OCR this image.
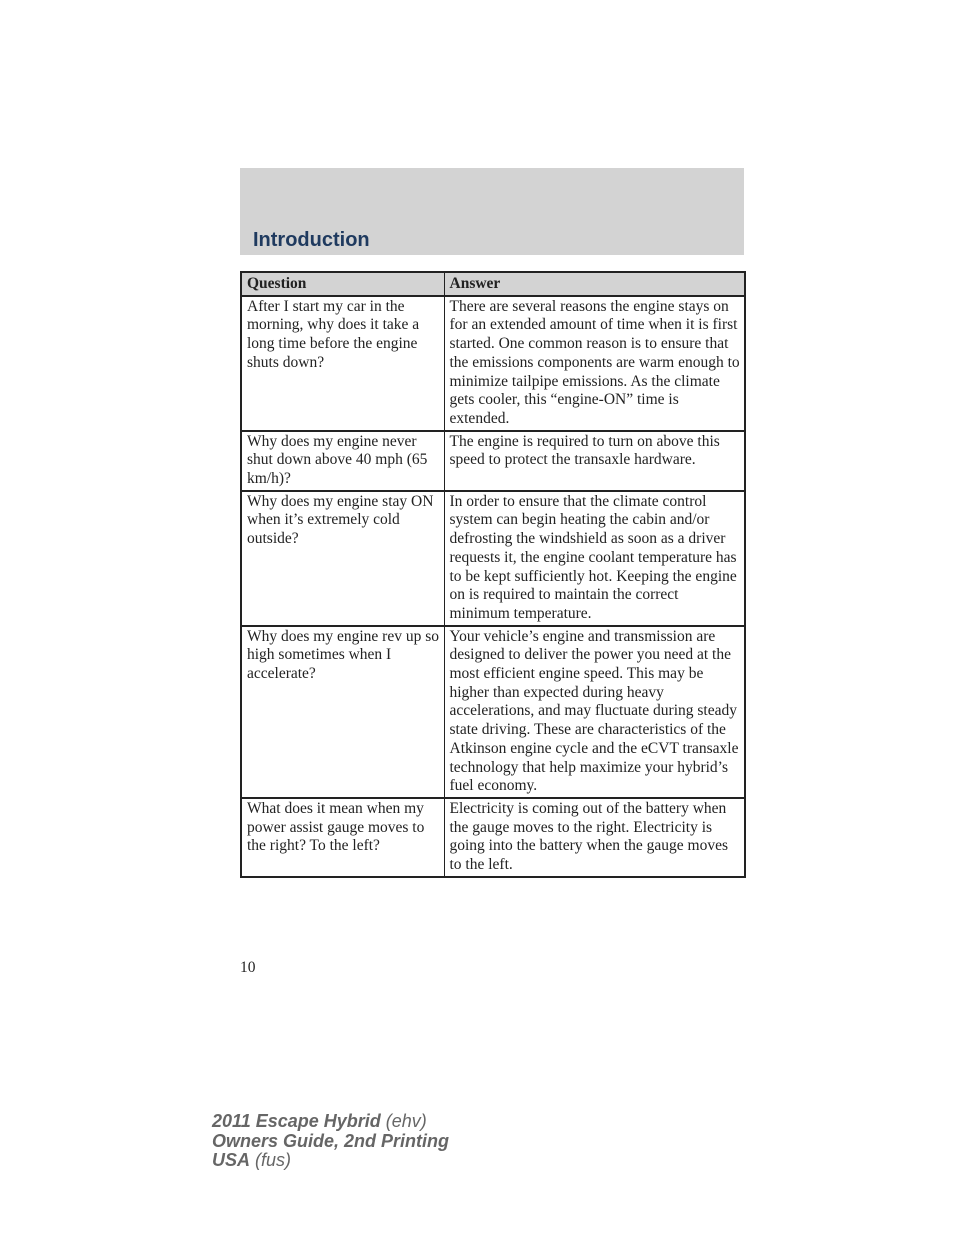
Introduction
Question	Answer
After I start my car in the morning, why does it take a long time before the engine shuts down?	There are several reasons the engine stays on for an extended amount of time when it is first started. One common reason is to ensure that the emissions components are warm enough to minimize tailpipe emissions. As the climate gets cooler, this “engine-ON” time is extended.
Why does my engine never shut down above 40 mph (65 km/h)?	The engine is required to turn on above this speed to protect the transaxle hardware.
Why does my engine stay ON when it’s extremely cold outside?	In order to ensure that the climate control system can begin heating the cabin and/or defrosting the windshield as soon as a driver requests it, the engine coolant temperature has to be kept sufficiently hot. Keeping the engine on is required to maintain the correct minimum temperature.
Why does my engine rev up so high sometimes when I accelerate?	Your vehicle’s engine and transmission are designed to deliver the power you need at the most efficient engine speed. This may be higher than expected during heavy accelerations, and may fluctuate during steady state driving. These are characteristics of the Atkinson engine cycle and the eCVT transaxle technology that help maximize your hybrid’s fuel economy.
What does it mean when my power assist gauge moves to the right? To the left?	Electricity is coming out of the battery when the gauge moves to the right. Electricity is going into the battery when the gauge moves to the left.
10
2011 Escape Hybrid (ehv)
Owners Guide, 2nd Printing
USA (fus)
